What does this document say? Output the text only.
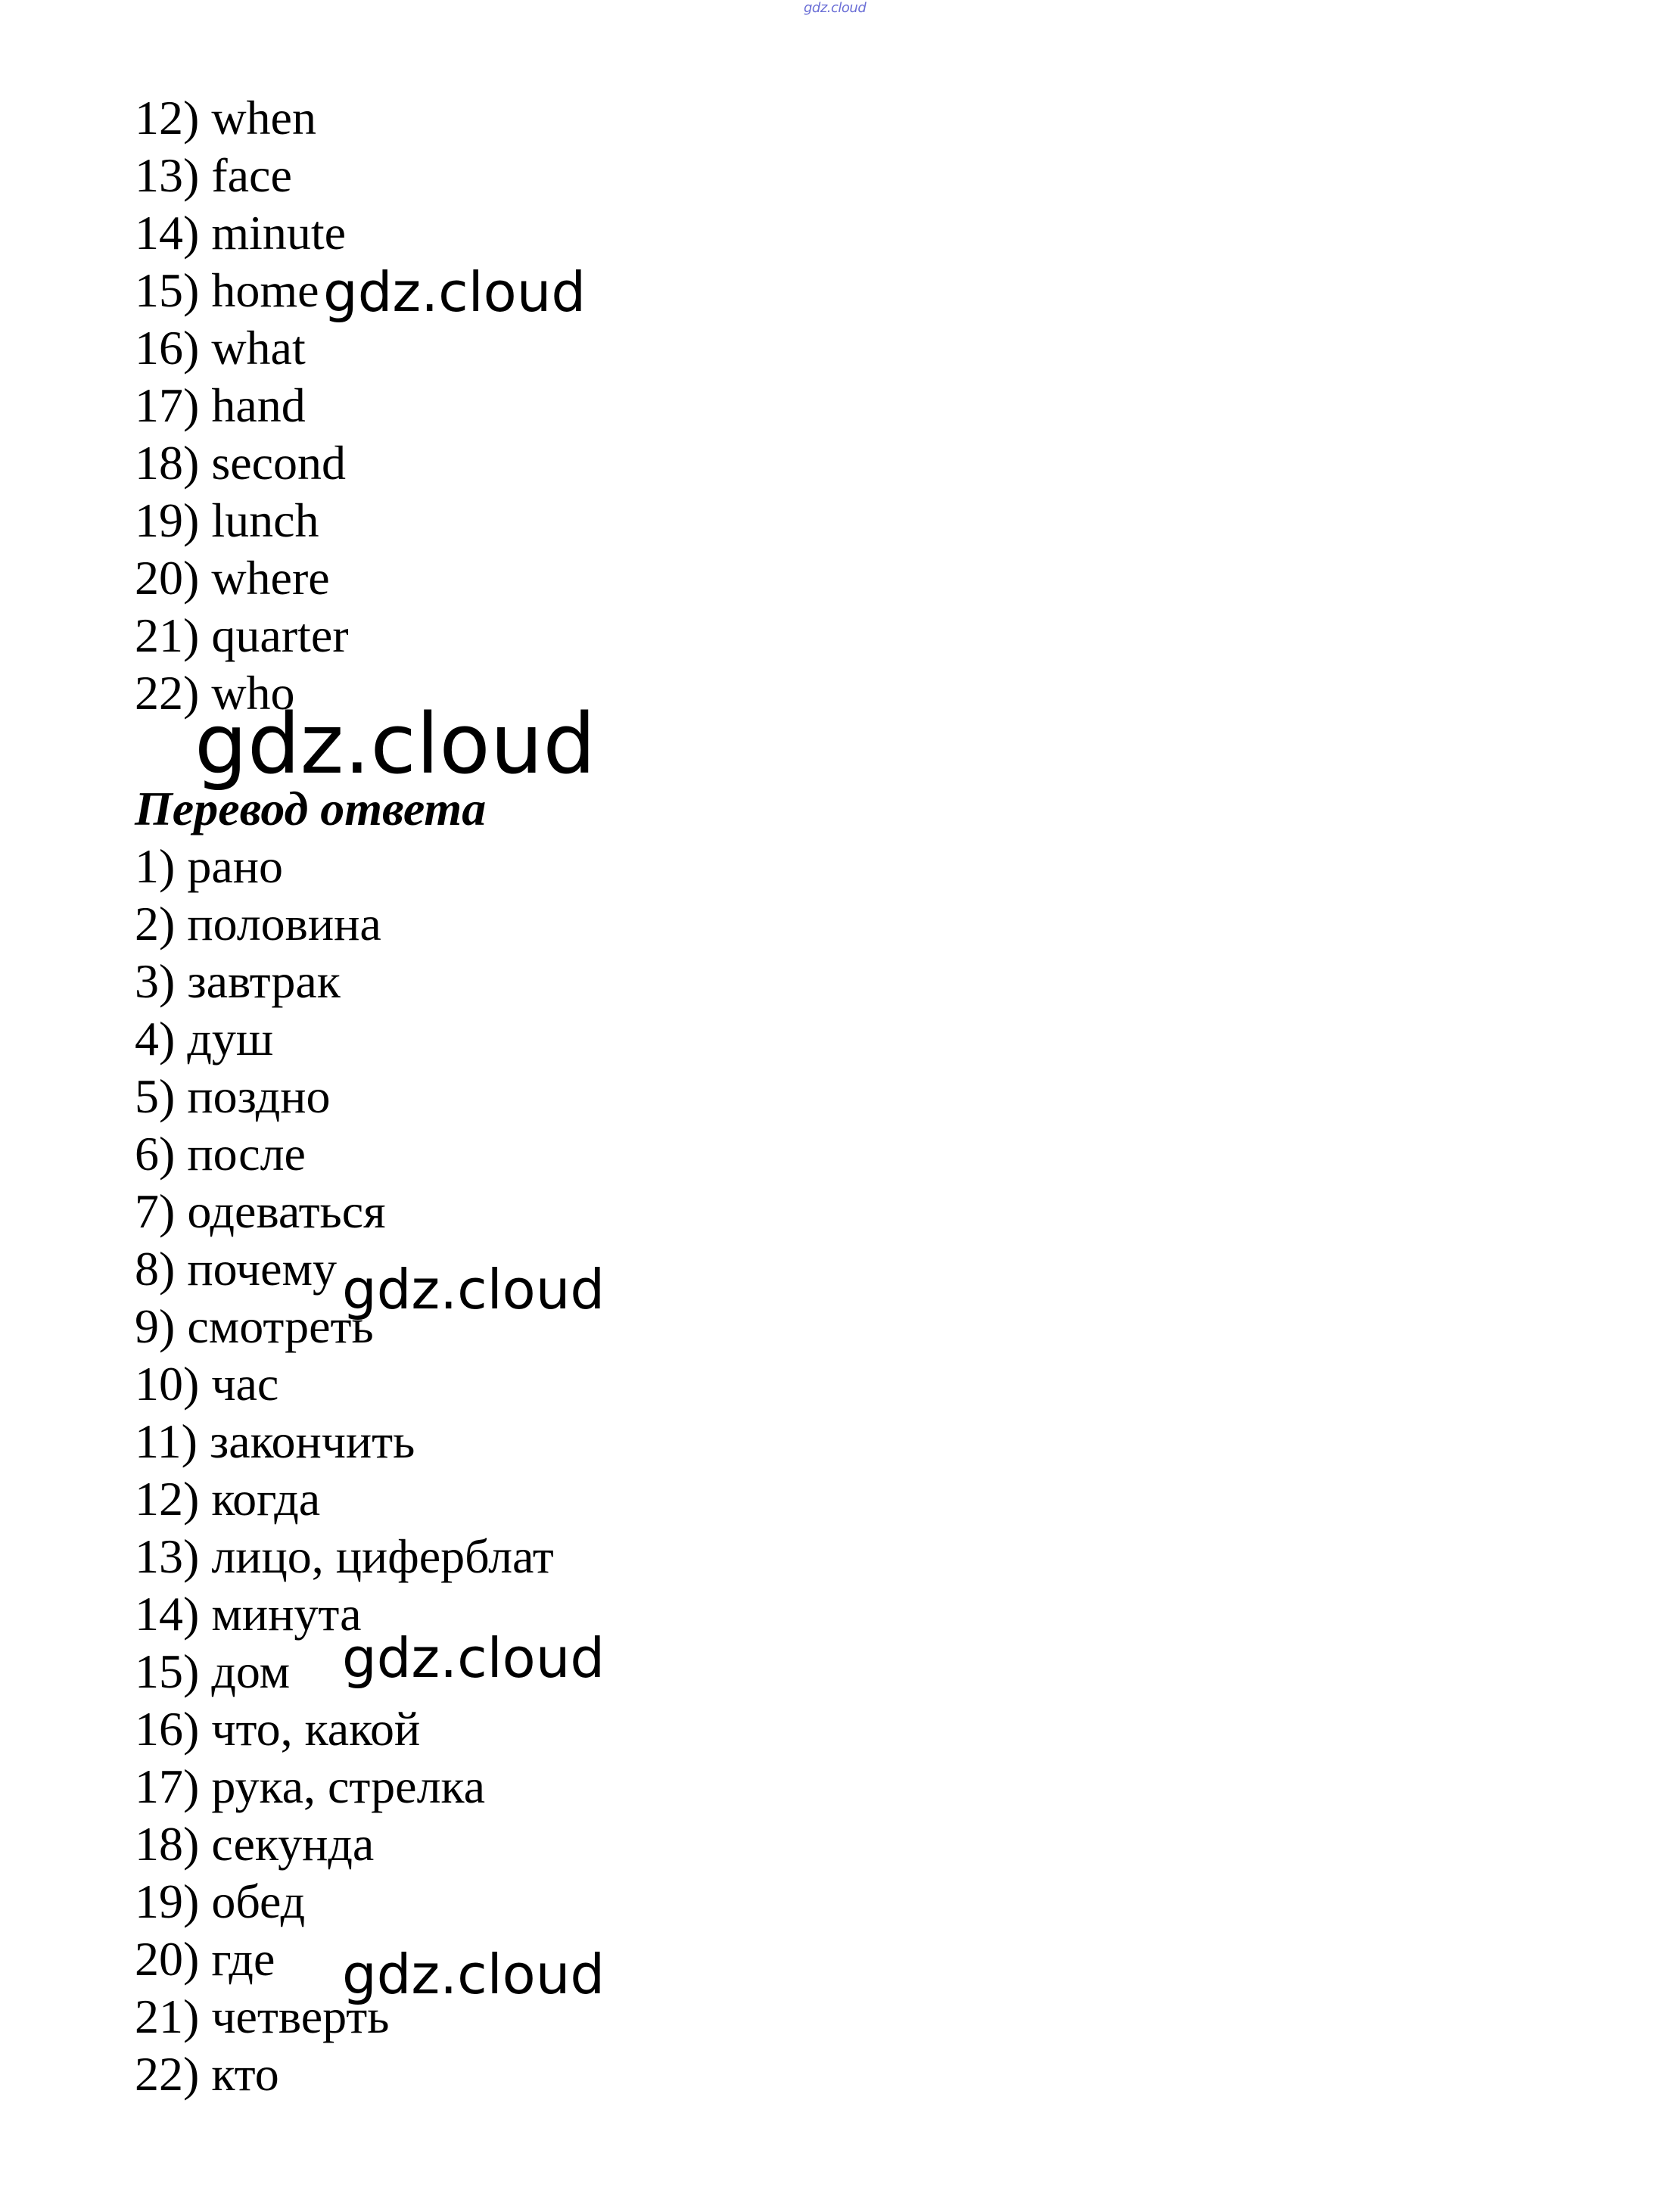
gdz.cloud
12) when
13) face
14) minute
15) home
16) what
17) hand
18) second
19) lunch
20) where
21) quarter
22) who
Перевод ответа
1) рано
2) половина
3) завтрак
4) душ
5) поздно
6) после
7) одеваться
8) почему
9) смотреть
10) час
11) закончить
12) когда
13) лицо, циферблат
14) минута
15) дом
16) что, какой
17) рука, стрелка
18) секунда
19) обед
20) где
21) четверть
22) кто
gdz.cloud
gdz.cloud
gdz.cloud
gdz.cloud
gdz.cloud
